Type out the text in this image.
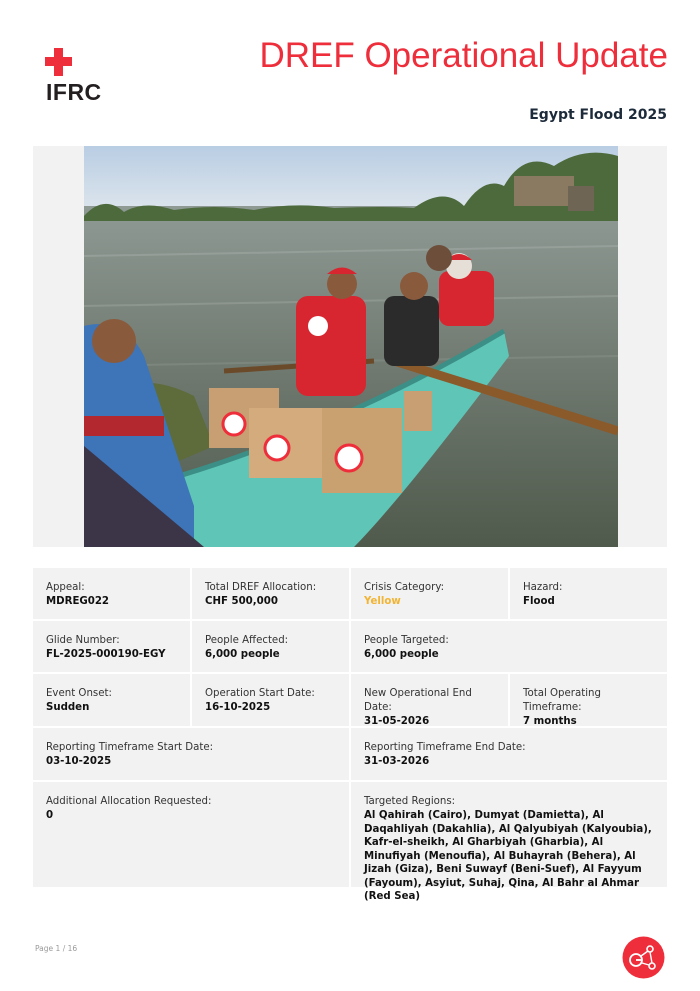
IFRC
DREF Operational Update
Egypt Flood 2025
Appeal:
MDREG022
Total DREF Allocation:
CHF 500,000
Crisis Category:
Yellow
Hazard:
Flood
Glide Number:
FL-2025-000190-EGY
People Affected:
6,000 people
People Targeted:
6,000 people
Event Onset:
Sudden
Operation Start Date:
16-10-2025
New Operational End Date:
31-05-2026
Total Operating Timeframe:
7 months
Reporting Timeframe Start Date:
03-10-2025
Reporting Timeframe End Date:
31-03-2026
Additional Allocation Requested:
0
Targeted Regions:
Al Qahirah (Cairo), Dumyat (Damietta), Al Daqahliyah (Dakahlia), Al Qalyubiyah (Kalyoubia), Kafr-el-sheikh, Al Gharbiyah (Gharbia), Al Minufiyah (Menoufia), Al Buhayrah (Behera), Al Jizah (Giza), Beni Suwayf (Beni-Suef), Al Fayyum (Fayoum), Asyiut, Suhaj, Qina, Al Bahr al Ahmar (Red Sea)
Page 1 / 16
